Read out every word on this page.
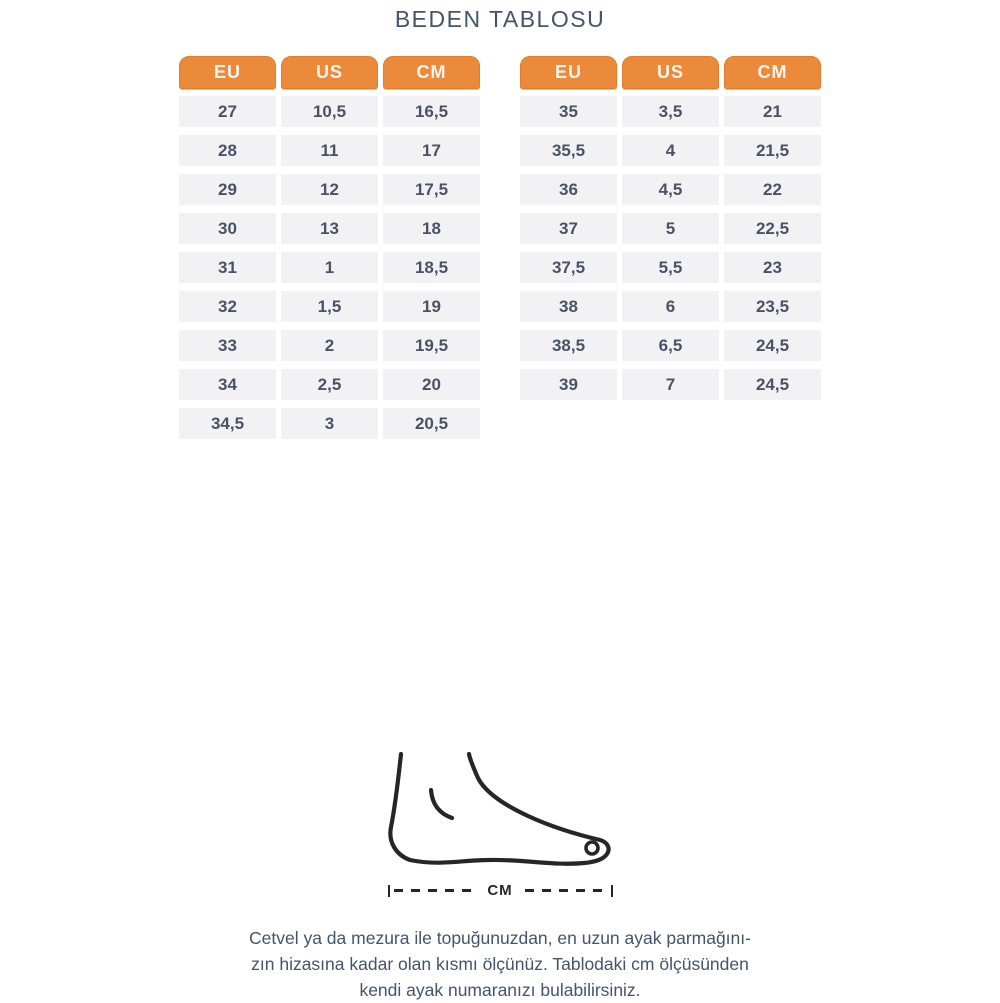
BEDEN TABLOSU
EU	US	CM
27	10,5	16,5
28	11	17
29	12	17,5
30	13	18
31	1	18,5
32	1,5	19
33	2	19,5
34	2,5	20
34,5	3	20,5
EU	US	CM
35	3,5	21
35,5	4	21,5
36	4,5	22
37	5	22,5
37,5	5,5	23
38	6	23,5
38,5	6,5	24,5
39	7	24,5
CM

Cetvel ya da mezura ile topuğunuzdan, en uzun ayak parmağını-
zın hizasına kadar olan kısmı ölçünüz. Tablodaki cm ölçüsünden
kendi ayak numaranızı bulabilirsiniz.
